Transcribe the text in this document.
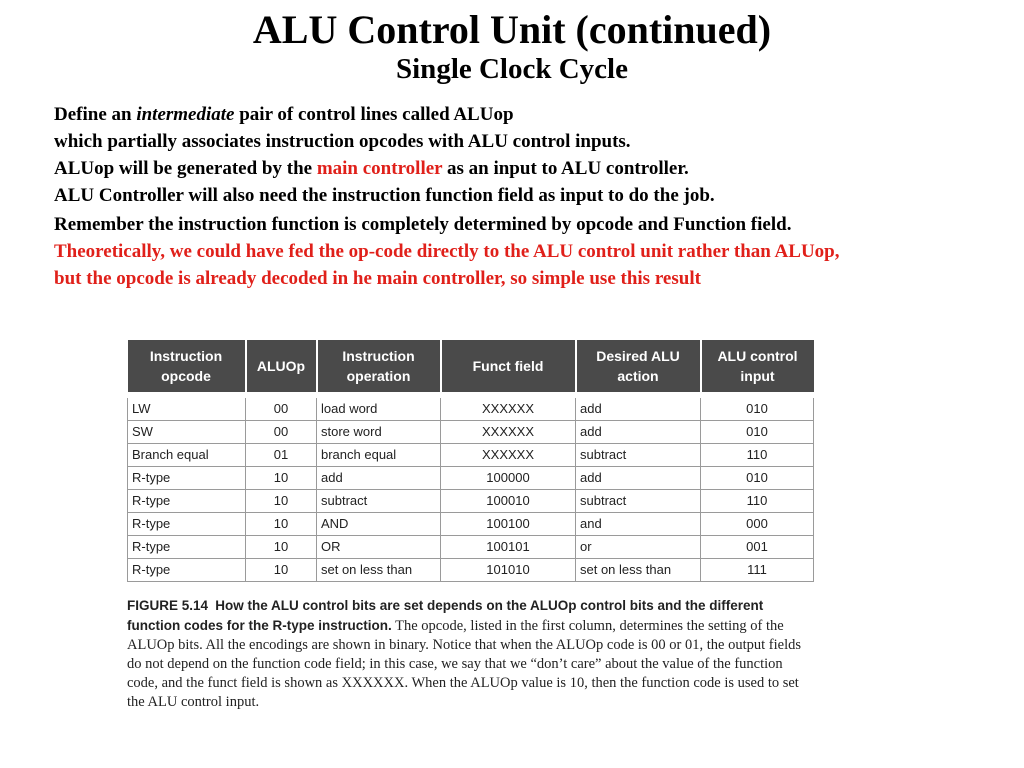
ALU Control Unit (continued)
Single Clock Cycle
Define an intermediate pair of control lines called ALUop
which partially associates instruction opcodes with ALU control inputs.
ALUop will be generated by the main controller as an input to ALU controller.
ALU Controller will also need the instruction function field as input to do the job.
Remember the instruction function is completely determined by opcode and Function field.
Theoretically, we could have fed the op-code directly to the ALU control unit rather than ALUop,
but the opcode is already decoded in he main controller, so simple use this result
Instruction opcode	ALUOp	Instruction operation	Funct field	Desired ALU action	ALU control input
LW	00	load word	XXXXXX	add	010
SW	00	store word	XXXXXX	add	010
Branch equal	01	branch equal	XXXXXX	subtract	110
R-type	10	add	100000	add	010
R-type	10	subtract	100010	subtract	110
R-type	10	AND	100100	and	000
R-type	10	OR	100101	or	001
R-type	10	set on less than	101010	set on less than	111
FIGURE 5.14 How the ALU control bits are set depends on the ALUOp control bits and the different function codes for the R-type instruction. The opcode, listed in the first column, determines the setting of the ALUOp bits. All the encodings are shown in binary. Notice that when the ALUOp code is 00 or 01, the output fields do not depend on the function code field; in this case, we say that we “don’t care” about the value of the function code, and the funct field is shown as XXXXXX. When the ALUOp value is 10, then the function code is used to set the ALU control input.
